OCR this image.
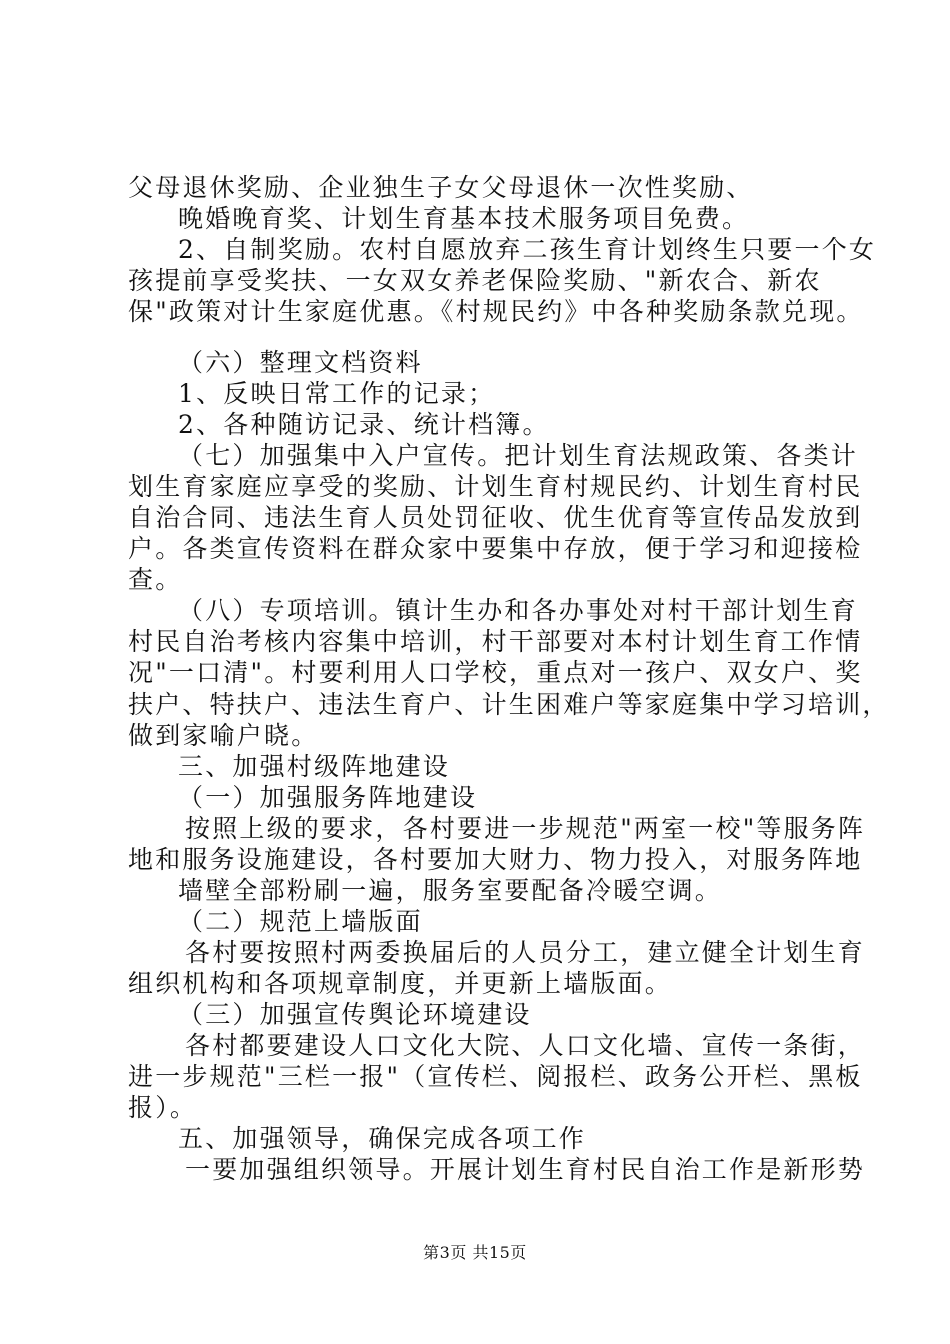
父母退休奖励、企业独生子女父母退休一次性奖励、
晚婚晚育奖、计划生育基本技术服务项目免费。
2、自制奖励。农村自愿放弃二孩生育计划终生只要一个女
孩提前享受奖扶、一女双女养老保险奖励、"新农合、新农
保"政策对计生家庭优惠。《村规民约》中各种奖励条款兑现。
（六）整理文档资料
1、反映日常工作的记录；
2、各种随访记录、统计档簿。
（七）加强集中入户宣传。把计划生育法规政策、各类计
划生育家庭应享受的奖励、计划生育村规民约、计划生育村民
自治合同、违法生育人员处罚征收、优生优育等宣传品发放到
户。各类宣传资料在群众家中要集中存放，便于学习和迎接检
查。
（八）专项培训。镇计生办和各办事处对村干部计划生育
村民自治考核内容集中培训，村干部要对本村计划生育工作情
况"一口清"。村要利用人口学校，重点对一孩户、双女户、奖
扶户、特扶户、违法生育户、计生困难户等家庭集中学习培训，
做到家喻户晓。
三、加强村级阵地建设
（一）加强服务阵地建设
按照上级的要求，各村要进一步规范"两室一校"等服务阵
地和服务设施建设，各村要加大财力、物力投入，对服务阵地
墙壁全部粉刷一遍，服务室要配备冷暖空调。
（二）规范上墙版面
各村要按照村两委换届后的人员分工，建立健全计划生育
组织机构和各项规章制度，并更新上墙版面。
（三）加强宣传舆论环境建设
各村都要建设人口文化大院、人口文化墙、宣传一条街，
进一步规范"三栏一报"（宣传栏、阅报栏、政务公开栏、黑板
报）。
五、加强领导，确保完成各项工作
一要加强组织领导。开展计划生育村民自治工作是新形势
第3页 共15页
